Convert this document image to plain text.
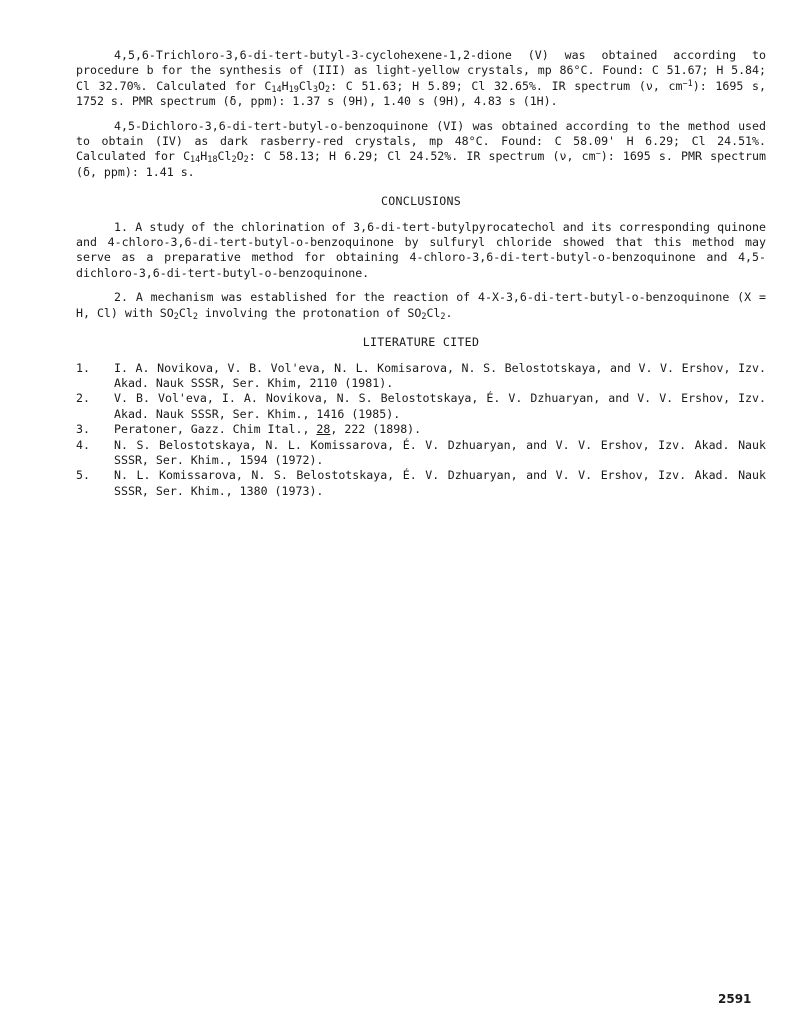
4,5,6-Trichloro-3,6-di-tert-butyl-3-cyclohexene-1,2-dione (V) was obtained according to procedure b for the synthesis of (III) as light-yellow crystals, mp 86°C. Found: C 51.67; H 5.84; Cl 32.70%. Calculated for $C_{14}H_{19}Cl_3O_2$: C 51.63; H 5.89; Cl 32.65%. IR spectrum (ν, $cm^{-1}$): 1695 s, 1752 s. PMR spectrum (δ, ppm): 1.37 s (9H), 1.40 s (9H), 4.83 s (1H).

4,5-Dichloro-3,6-di-tert-butyl-o-benzoquinone (VI) was obtained according to the method used to obtain (IV) as dark rasberry-red crystals, mp 48°C. Found: C 58.09' H 6.29; Cl 24.51%. Calculated for $C_{14}H_{18}Cl_2O_2$: C 58.13; H 6.29; Cl 24.52%. IR spectrum (ν, cm−): 1695 s. PMR spectrum (δ, ppm): 1.41 s.

CONCLUSIONS

1. A study of the chlorination of 3,6-di-tert-butylpyrocatechol and its corresponding quinone and 4-chloro-3,6-di-tert-butyl-o-benzoquinone by sulfuryl chloride showed that this method may serve as a preparative method for obtaining 4-chloro-3,6-di-tert-butyl-o-benzoquinone and 4,5-dichloro-3,6-di-tert-butyl-o-benzoquinone.

2. A mechanism was established for the reaction of 4-X-3,6-di-tert-butyl-o-benzoquinone (X = H, Cl) with $SO_2Cl_2$ involving the protonation of $SO_2Cl_2$.

LITERATURE CITED
1.	I. A. Novikova, V. B. Vol'eva, N. L. Komisarova, N. S. Belostotskaya, and V. V. Ershov, Izv. Akad. Nauk SSSR, Ser. Khim, 2110 (1981).
2.	V. B. Vol'eva, I. A. Novikova, N. S. Belostotskaya, É. V. Dzhuaryan, and V. V. Ershov, Izv. Akad. Nauk SSSR, Ser. Khim., 1416 (1985).
3.	Peratoner, Gazz. Chim Ital., 28, 222 (1898).
4.	N. S. Belostotskaya, N. L. Komissarova, É. V. Dzhuaryan, and V. V. Ershov, Izv. Akad. Nauk SSSR, Ser. Khim., 1594 (1972).
5.	N. L. Komissarova, N. S. Belostotskaya, É. V. Dzhuaryan, and V. V. Ershov, Izv. Akad. Nauk SSSR, Ser. Khim., 1380 (1973).
2591
